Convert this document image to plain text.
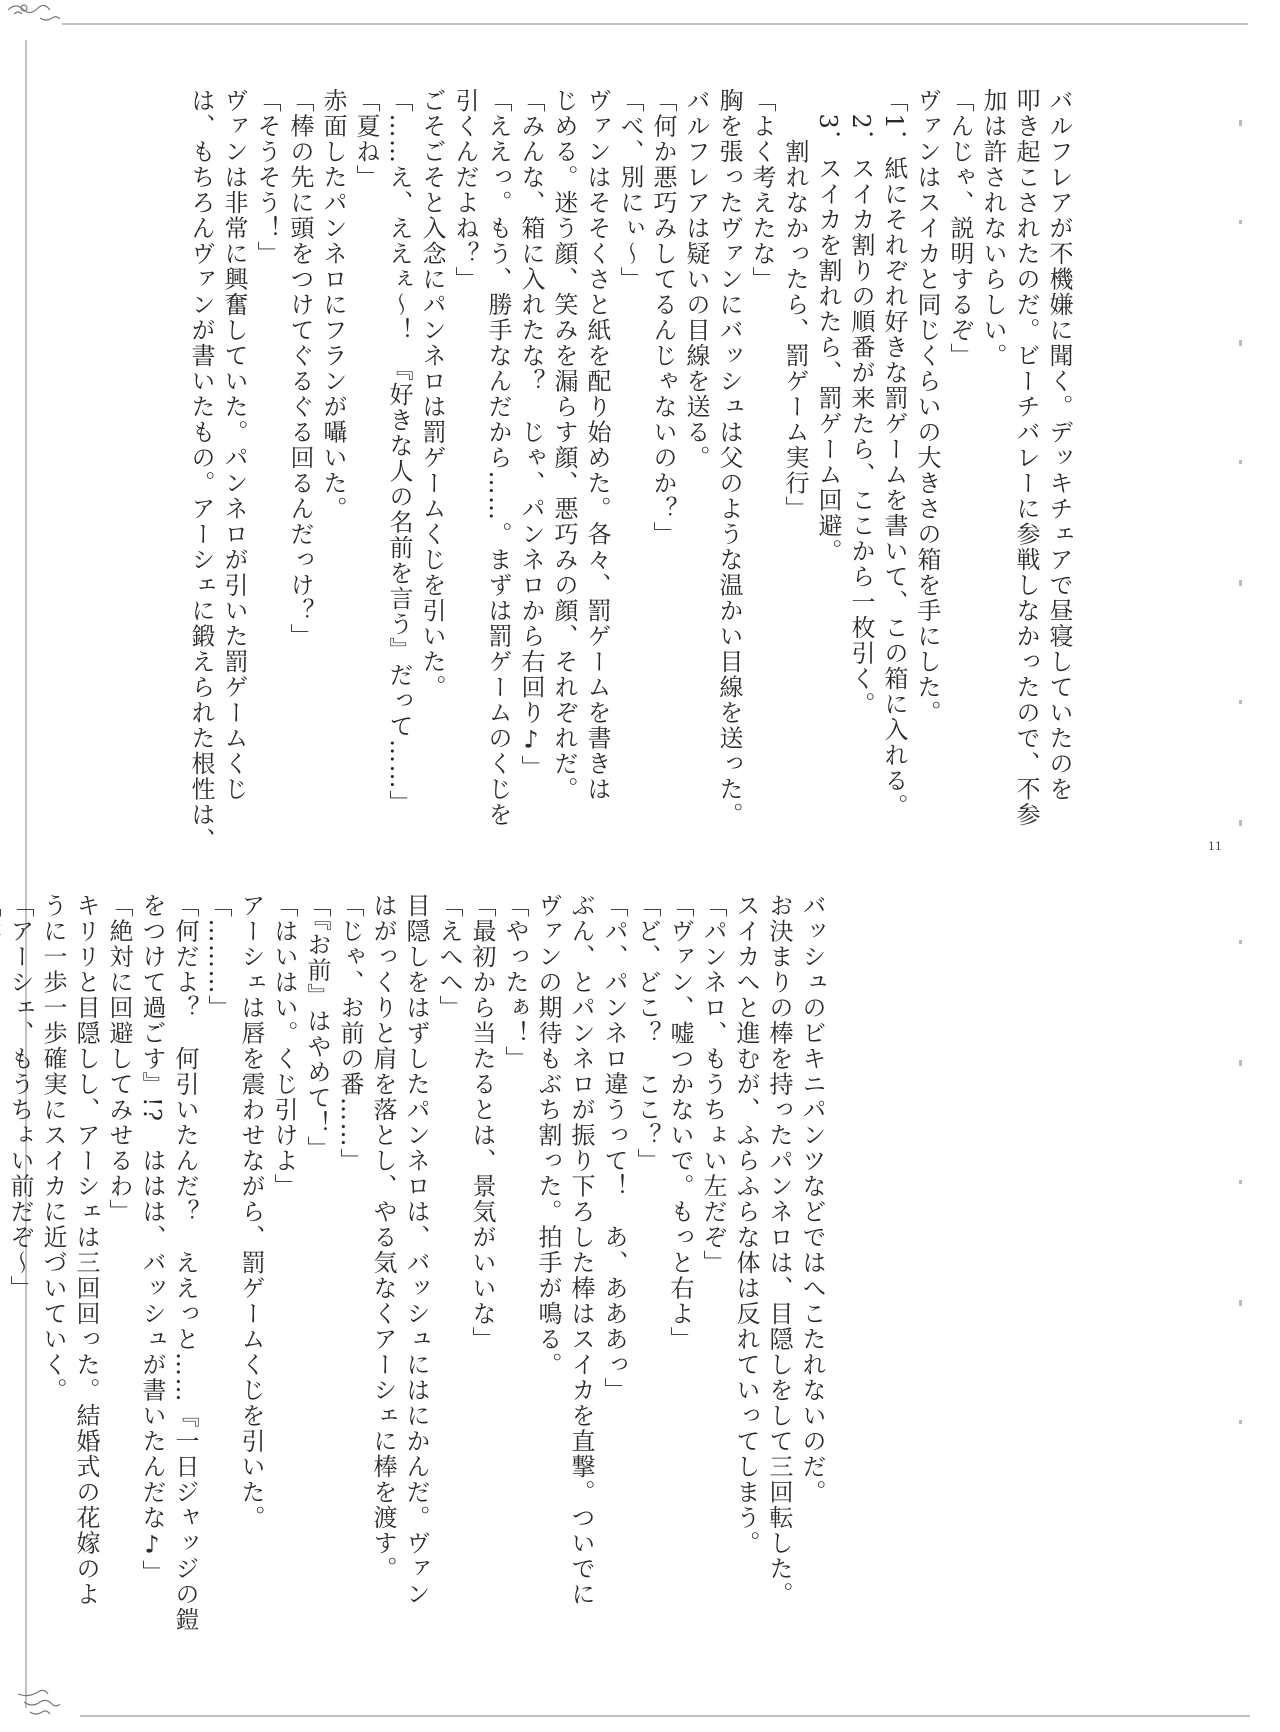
バルフレアが不機嫌に聞く。デッキチェアで昼寝していたのを
叩き起こされたのだ。ビーチバレーに参戦しなかったので、不参
加は許されないらしい。
「んじゃ、説明するぞ」
ヴァンはスイカと同じくらいの大きさの箱を手にした。
「1．紙にそれぞれ好きな罰ゲームを書いて、この箱に入れる。
　2．スイカ割りの順番が来たら、ここから一枚引く。
　3．スイカを割れたら、罰ゲーム回避。
　　割れなかったら、罰ゲーム実行」
「よく考えたな」
胸を張ったヴァンにバッシュは父のような温かい目線を送った。
バルフレアは疑いの目線を送る。
「何か悪巧みしてるんじゃないのか？」
「べ、別にぃ～」
ヴァンはそそくさと紙を配り始めた。各々、罰ゲームを書きは
じめる。迷う顔、笑みを漏らす顔、悪巧みの顔、それぞれだ。
「みんな、箱に入れたな？　じゃ、パンネロから右回り♪」
「ええっ。もう、勝手なんだから……。まずは罰ゲームのくじを
引くんだよね？」
ごそごそと入念にパンネロは罰ゲームくじを引いた。
「……え、ええぇ～！　『好きな人の名前を言う』だって……」
「夏ね」
赤面したパンネロにフランが囁いた。
「棒の先に頭をつけてぐるぐる回るんだっけ？」
「そうそう！」
ヴァンは非常に興奮していた。パンネロが引いた罰ゲームくじ
は、もちろんヴァンが書いたもの。アーシェに鍛えられた根性は、	11
バッシュのビキニパンツなどではへこたれないのだ。
お決まりの棒を持ったパンネロは、目隠しをして三回転した。
スイカへと進むが、ふらふらな体は反れていってしまう。
「パンネロ、もうちょい左だぞ」
「ヴァン、嘘つかないで。もっと右よ」
「ど、どこ？　ここ？」
「パ、パンネロ違うって！　あ、あああっ」
ぶん、とパンネロが振り下ろした棒はスイカを直撃。ついでに
ヴァンの期待もぶち割った。拍手が鳴る。
「やったぁ！」
「最初から当たるとは、景気がいいな」
「えへへ」
目隠しをはずしたパンネロは、バッシュにはにかんだ。ヴァン
はがっくりと肩を落とし、やる気なくアーシェに棒を渡す。
「じゃ、お前の番……」
「『お前』はやめて！」
「はいはい。くじ引けよ」
アーシェは唇を震わせながら、罰ゲームくじを引いた。
「………」
「何だよ？　何引いたんだ？　ええっと……『一日ジャッジの鎧
をつけて過ごす』!?　ははは、バッシュが書いたんだな♪」
「絶対に回避してみせるわ」
キリリと目隠しし、アーシェは三回回った。結婚式の花嫁のよ
うに一歩一歩確実にスイカに近づいていく。
「アーシェ、もうちょい前だぞ～」
